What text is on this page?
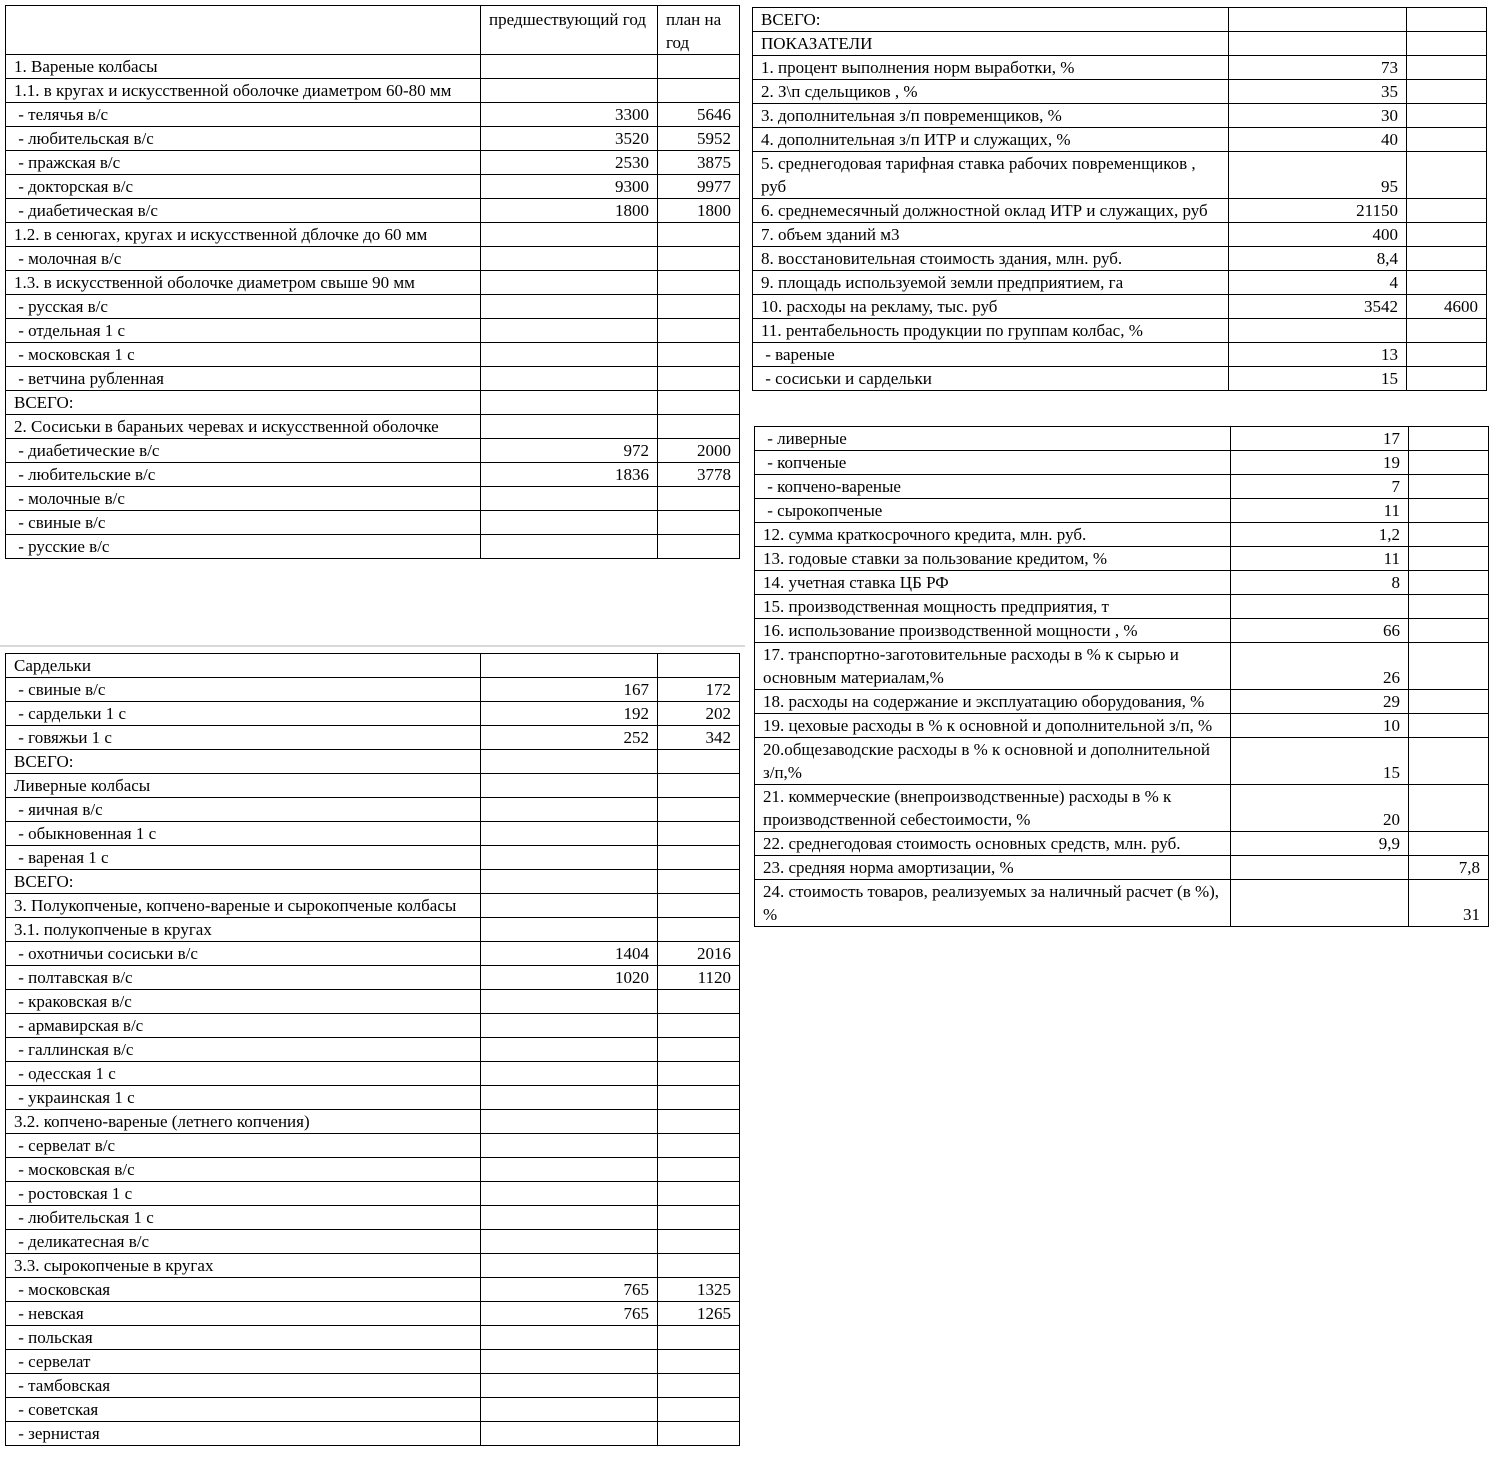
	предшествующий год	план на год
1. Вареные колбасы		
1.1. в кругах и искусственной оболочке диаметром 60-80 мм		
- телячья в/с	3300	5646
- любительская в/с	3520	5952
- пражская в/с	2530	3875
- докторская в/с	9300	9977
- диабетическая в/с	1800	1800
1.2. в сенюгах, кругах и искусственной дблочке до 60 мм		
- молочная в/с		
1.3. в искусственной оболочке диаметром свыше 90 мм		
- русская в/с		
- отдельная 1 с		
- московская 1 с		
- ветчина рубленная		
ВСЕГО:		
2. Сосиськи в бараньих черевах и искусственной оболочке		
- диабетические в/с	972	2000
- любительские в/с	1836	3778
- молочные в/с		
- свиные в/с		
- русские в/с		
Сардельки		
- свиные в/с	167	172
- сардельки 1 с	192	202
- говяжьи 1 с	252	342
ВСЕГО:		
Ливерные колбасы		
- яичная в/с		
- обыкновенная 1 с		
- вареная 1 с		
ВСЕГО:		
3. Полукопченые, копчено-вареные и сырокопченые колбасы		
3.1. полукопченые в кругах		
- охотничьи сосиськи в/с	1404	2016
- полтавская в/с	1020	1120
- краковская в/с		
- армавирская в/с		
- галлинская в/с		
- одесская 1 с		
- украинская 1 с		
3.2. копчено-вареные (летнего копчения)		
- сервелат в/с		
- московская в/с		
- ростовская 1 с		
- любительская 1 с		
- деликатесная в/с		
3.3. сырокопченые в кругах		
- московская	765	1325
- невская	765	1265
- польская		
- сервелат		
- тамбовская		
- советская		
- зернистая		
ВСЕГО:		
ПОКАЗАТЕЛИ		
1. процент выполнения норм выработки, %	73	
2. З\п сдельщиков , %	35	
3. дополнительная з/п повременщиков, %	30	
4. дополнительная з/п ИТР и служащих, %	40	
5. среднегодовая тарифная ставка рабочих повременщиков , руб	95	
6. среднемесячный должностной оклад ИТР и служащих, руб	21150	
7. объем зданий м3	400	
8. восстановительная стоимость здания, млн. руб.	8,4	
9. площадь используемой земли предприятием, га	4	
10. расходы на рекламу, тыс. руб	3542	4600
11. рентабельность продукции по группам колбас, %		
- вареные	13	
- сосиськи и сардельки	15	
- ливерные	17	
- копченые	19	
- копчено-вареные	7	
- сырокопченые	11	
12. сумма краткосрочного кредита, млн. руб.	1,2	
13. годовые ставки за пользование кредитом, %	11	
14. учетная ставка ЦБ РФ	8	
15. производственная мощность предприятия, т		
16. использование производственной мощности , %	66	
17. транспортно-заготовительные расходы в % к сырью и основным материалам,%	26	
18. расходы на содержание и эксплуатацию оборудования, %	29	
19. цеховые расходы в % к основной и дополнительной з/п, %	10	
20.общезаводские расходы в % к основной и дополнительной з/п,%	15	
21. коммерческие (внепроизводственные) расходы в % к производственной себестоимости, %	20	
22. среднегодовая стоимость основных средств, млн. руб.	9,9	
23. средняя норма амортизации, %		7,8
24. стоимость товаров, реализуемых за наличный расчет (в %), %		31
